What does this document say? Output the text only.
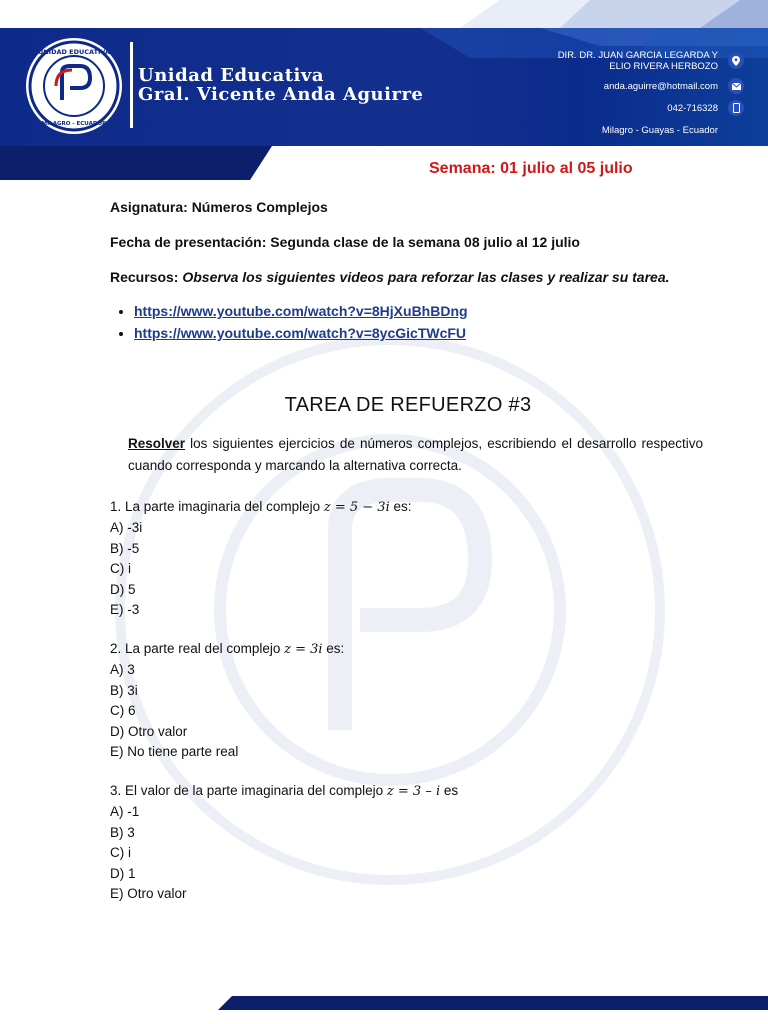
UNIDAD EDUCATIVA
MILAGRO - ECUADOR
Unidad Educativa
Gral. Vicente Anda Aguirre
DIR. DR. JUAN GARCIA LEGARDA Y
ELIO RIVERA HERBOZO
anda.aguirre@hotmail.com
042-716328
Milagro - Guayas - Ecuador
Semana: 01 julio al 05 julio

Asignatura: Números Complejos

Fecha de presentación: Segunda clase de la semana 08 julio al 12 julio

Recursos: Observa los siguientes videos para reforzar las clases y realizar su tarea.

• https://www.youtube.com/watch?v=8HjXuBhBDng
• https://www.youtube.com/watch?v=8ycGicTWcFU
TAREA DE REFUERZO #3
Resolver los siguientes ejercicios de números complejos, escribiendo el desarrollo respectivo cuando corresponda y marcando la alternativa correcta.
1. La parte imaginaria del complejo z = 5 − 3i es:
A) -3i
B) -5
C) i
D) 5
E) -3
2. La parte real del complejo z = 3i es:
A) 3
B) 3i
C) 6
D) Otro valor
E) No tiene parte real
3. El valor de la parte imaginaria del complejo z = 3 – i es
A) -1
B) 3
C) i
D) 1
E) Otro valor
